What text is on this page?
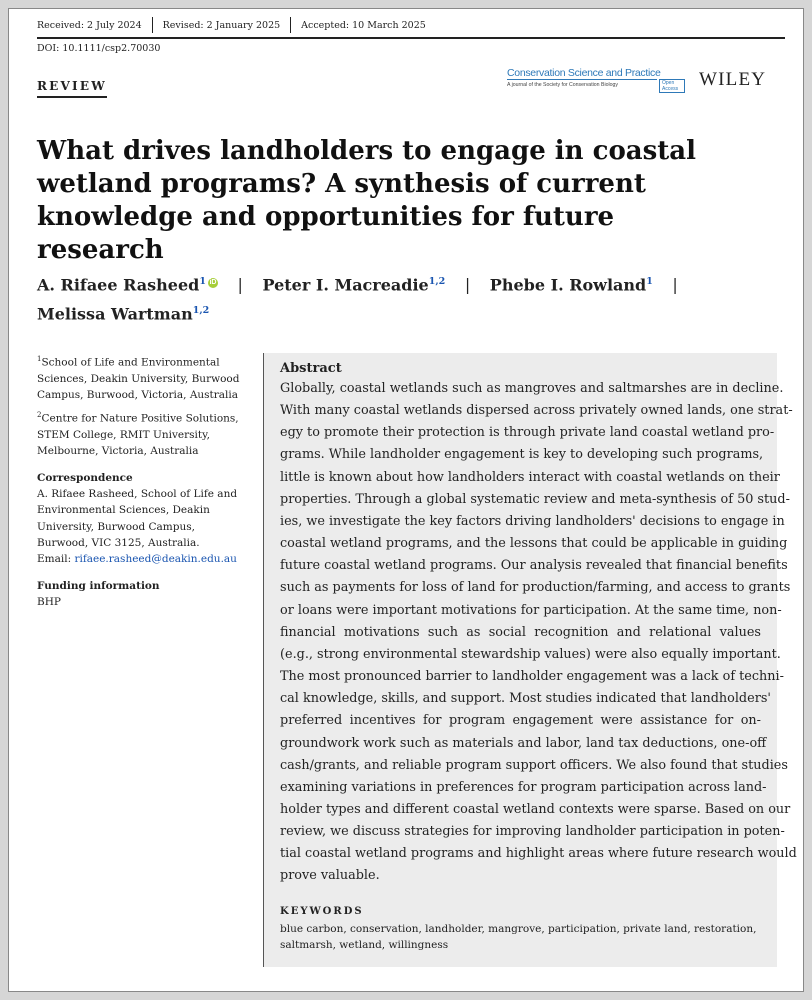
Received: 2 July 2024	Revised: 2 January 2025	Accepted: 10 March 2025
DOI: 10.1111/csp2.70030
REVIEW
Conservation Science and Practice
Open Access
A journal of the Society for Conservation Biology	WILEY
What drives landholders to engage in coastal wetland programs? A synthesis of current knowledge and opportunities for future research
A. Rifaee Rasheed$^1$ iD | Peter I. Macreadie$^{1,2}$ | Phebe I. Rowland$^1$ |
Melissa Wartman$^{1,2}$
$^1$School of Life and Environmental Sciences, Deakin University, Burwood Campus, Burwood, Victoria, Australia
$^2$Centre for Nature Positive Solutions, STEM College, RMIT University, Melbourne, Victoria, Australia
Correspondence
A. Rifaee Rasheed, School of Life and Environmental Sciences, Deakin University, Burwood Campus, Burwood, VIC 3125, Australia.
Email: rifaee.rasheed@deakin.edu.au
Funding information
BHP
Abstract
Globally, coastal wetlands such as mangroves and saltmarshes are in decline.
With many coastal wetlands dispersed across privately owned lands, one strat-
egy to promote their protection is through private land coastal wetland pro-
grams. While landholder engagement is key to developing such programs,
little is known about how landholders interact with coastal wetlands on their
properties. Through a global systematic review and meta-synthesis of 50 stud-
ies, we investigate the key factors driving landholders' decisions to engage in
coastal wetland programs, and the lessons that could be applicable in guiding
future coastal wetland programs. Our analysis revealed that financial benefits
such as payments for loss of land for production/farming, and access to grants
or loans were important motivations for participation. At the same time, non-
financial motivations such as social recognition and relational values
(e.g., strong environmental stewardship values) were also equally important.
The most pronounced barrier to landholder engagement was a lack of techni-
cal knowledge, skills, and support. Most studies indicated that landholders'
preferred incentives for program engagement were assistance for on-
groundwork work such as materials and labor, land tax deductions, one-off
cash/grants, and reliable program support officers. We also found that studies
examining variations in preferences for program participation across land-
holder types and different coastal wetland contexts were sparse. Based on our
review, we discuss strategies for improving landholder participation in poten-
tial coastal wetland programs and highlight areas where future research would
prove valuable.
KEYWORDS
blue carbon, conservation, landholder, mangrove, participation, private land, restoration, saltmarsh, wetland, willingness
